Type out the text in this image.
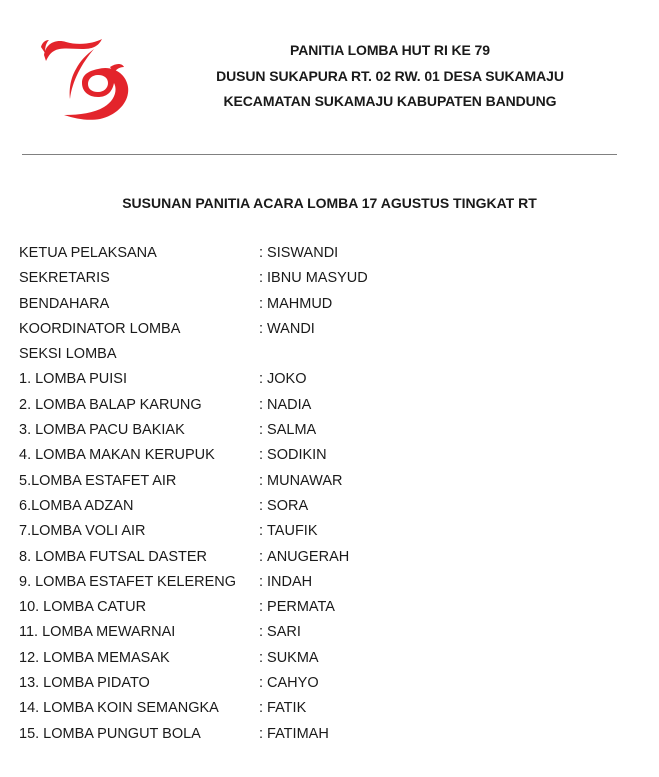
PANITIA LOMBA HUT RI KE 79
DUSUN SUKAPURA RT. 02 RW. 01 DESA SUKAMAJU
KECAMATAN SUKAMAJU KABUPATEN BANDUNG
SUSUNAN PANITIA ACARA LOMBA 17 AGUSTUS TINGKAT RT
KETUA PELAKSANA	: SISWANDI
SEKRETARIS	: IBNU MASYUD
BENDAHARA	: MAHMUD
KOORDINATOR LOMBA	: WANDI
SEKSI LOMBA
1. LOMBA PUISI	: JOKO
2. LOMBA BALAP KARUNG	: NADIA
3. LOMBA PACU BAKIAK	: SALMA
4. LOMBA MAKAN KERUPUK	: SODIKIN
5.LOMBA ESTAFET AIR	: MUNAWAR
6.LOMBA ADZAN	: SORA
7.LOMBA VOLI AIR	: TAUFIK
8. LOMBA FUTSAL DASTER	: ANUGERAH
9. LOMBA ESTAFET KELERENG : INDAH
10. LOMBA CATUR	: PERMATA
11. LOMBA MEWARNAI	: SARI
12. LOMBA MEMASAK	: SUKMA
13. LOMBA PIDATO	: CAHYO
14. LOMBA KOIN SEMANGKA	: FATIK
15. LOMBA PUNGUT BOLA	: FATIMAH
